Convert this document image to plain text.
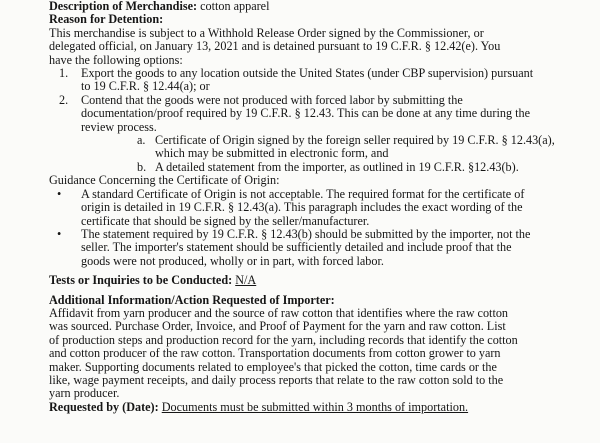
Description of Merchandise: cotton apparel
Reason for Detention:
This merchandise is subject to a Withhold Release Order signed by the Commissioner, or
delegated official, on January 13, 2021 and is detained pursuant to 19 C.F.R. § 12.42(e). You
have the following options:
1. Export the goods to any location outside the United States (under CBP supervision) pursuant
to 19 C.F.R. § 12.44(a); or
2. Contend that the goods were not produced with forced labor by submitting the
documentation/proof required by 19 C.F.R. § 12.43. This can be done at any time during the
review process.
a. Certificate of Origin signed by the foreign seller required by 19 C.F.R. § 12.43(a),
which may be submitted in electronic form, and
b. A detailed statement from the importer, as outlined in 19 C.F.R. §12.43(b).
Guidance Concerning the Certificate of Origin:
• A standard Certificate of Origin is not acceptable. The required format for the certificate of
origin is detailed in 19 C.F.R. § 12.43(a). This paragraph includes the exact wording of the
certificate that should be signed by the seller/manufacturer.
• The statement required by 19 C.F.R. § 12.43(b) should be submitted by the importer, not the
seller. The importer's statement should be sufficiently detailed and include proof that the
goods were not produced, wholly or in part, with forced labor.
Tests or Inquiries to be Conducted: N/A
Additional Information/Action Requested of Importer:
Affidavit from yarn producer and the source of raw cotton that identifies where the raw cotton
was sourced. Purchase Order, Invoice, and Proof of Payment for the yarn and raw cotton. List
of production steps and production record for the yarn, including records that identify the cotton
and cotton producer of the raw cotton. Transportation documents from cotton grower to yarn
maker. Supporting documents related to employee's that picked the cotton, time cards or the
like, wage payment receipts, and daily process reports that relate to the raw cotton sold to the
yarn producer.
Requested by (Date): Documents must be submitted within 3 months of importation.
